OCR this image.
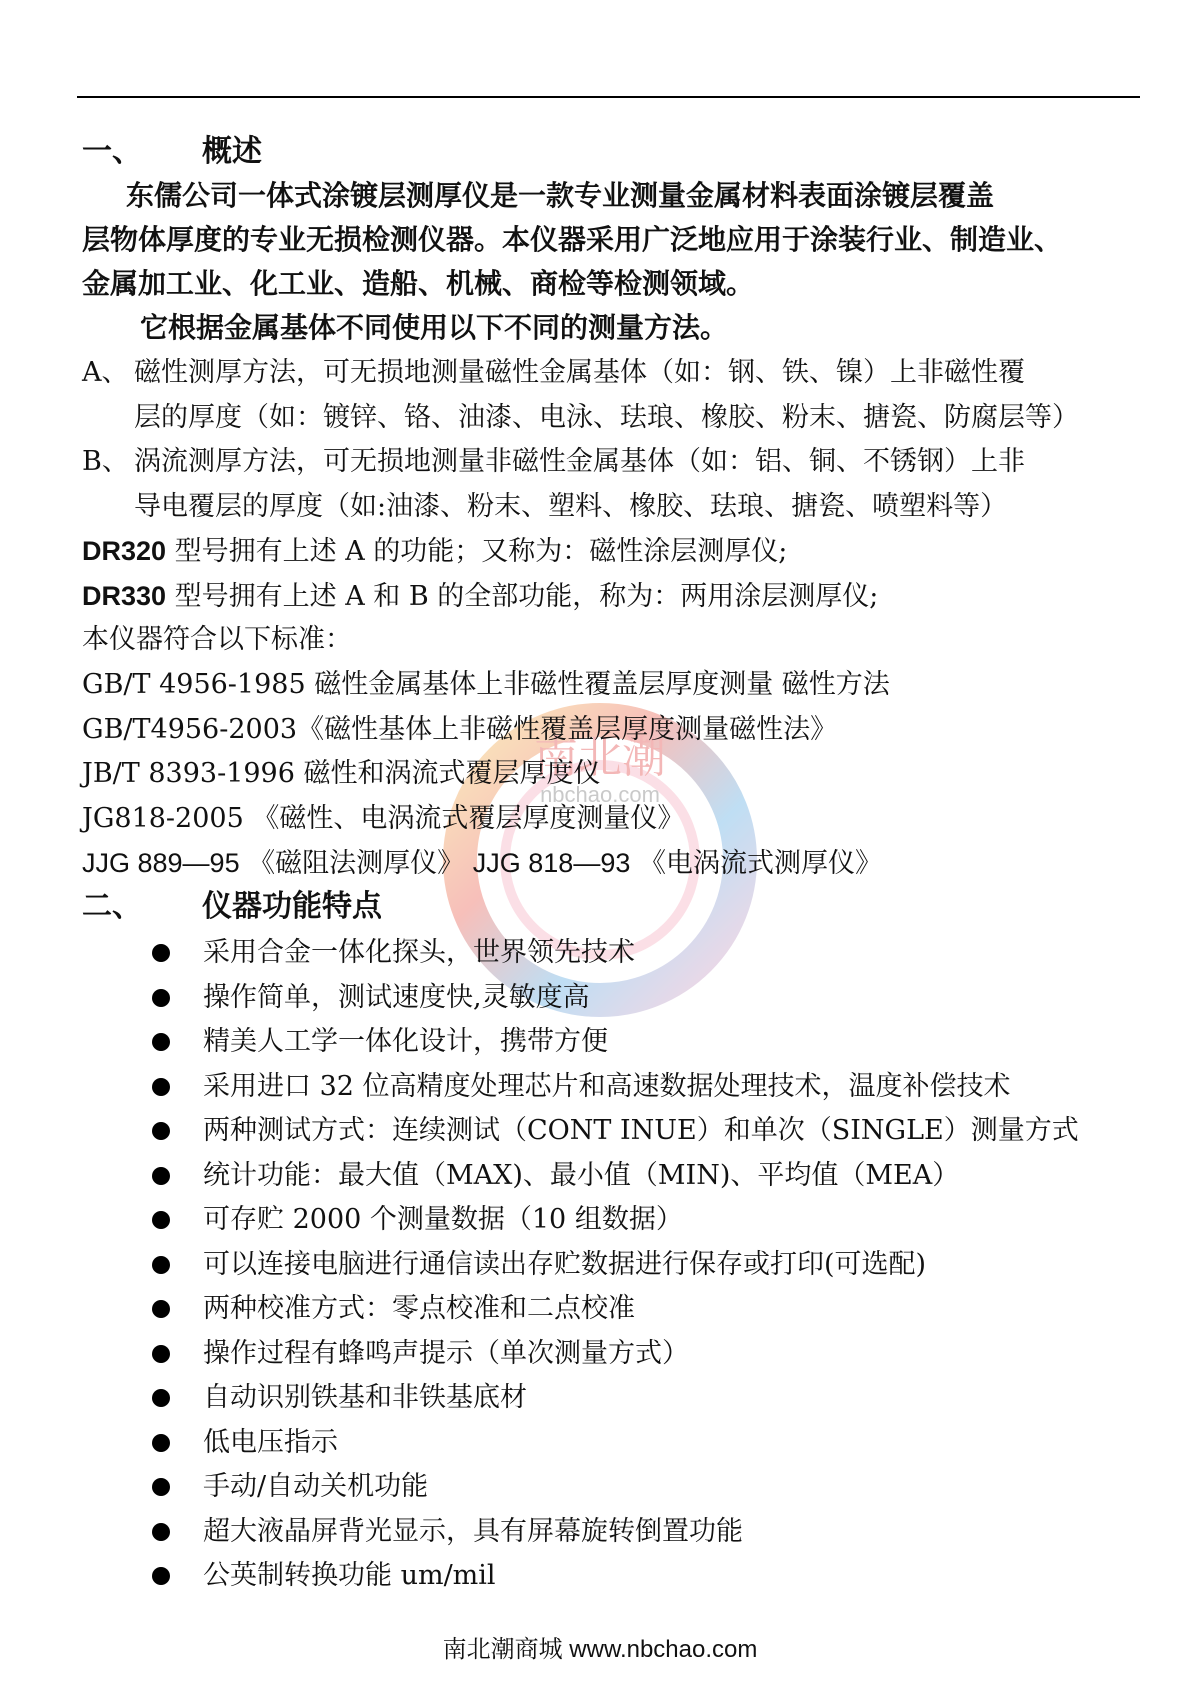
南北潮
nbchao.com
一、 概述
东儒公司一体式涂镀层测厚仪是一款专业测量金属材料表面涂镀层覆盖
层物体厚度的专业无损检测仪器。本仪器采用广泛地应用于涂装行业、制造业、
金属加工业、化工业、造船、机械、商检等检测领域。
它根据金属基体不同使用以下不同的测量方法。
A、 磁性测厚方法，可无损地测量磁性金属基体（如：钢、铁、镍）上非磁性覆
层的厚度（如：镀锌、铬、油漆、电泳、珐琅、橡胶、粉末、搪瓷、防腐层等）
B、 涡流测厚方法，可无损地测量非磁性金属基体（如：铝、铜、不锈钢）上非
导电覆层的厚度（如:油漆、粉末、塑料、橡胶、珐琅、搪瓷、喷塑料等）
DR320 型号拥有上述 A 的功能；又称为：磁性涂层测厚仪;
DR330 型号拥有上述 A 和 B 的全部功能，称为：两用涂层测厚仪;
本仪器符合以下标准：
GB/T 4956-1985 磁性金属基体上非磁性覆盖层厚度测量 磁性方法
GB/T4956-2003《磁性基体上非磁性覆盖层厚度测量磁性法》
JB/T 8393-1996 磁性和涡流式覆层厚度仪
JG818-2005 《磁性、电涡流式覆层厚度测量仪》
JJG 889—95 《磁阻法测厚仪》 JJG 818—93 《电涡流式测厚仪》
二、 仪器功能特点
采用合金一体化探头，世界领先技术
操作简单，测试速度快,灵敏度高
精美人工学一体化设计，携带方便
采用进口 32 位高精度处理芯片和高速数据处理技术，温度补偿技术
两种测试方式：连续测试（CONT INUE）和单次（SINGLE）测量方式
统计功能：最大值（MAX)、最小值（MIN)、平均值（MEA）
可存贮 2000 个测量数据（10 组数据）
可以连接电脑进行通信读出存贮数据进行保存或打印(可选配)
两种校准方式：零点校准和二点校准
操作过程有蜂鸣声提示（单次测量方式）
自动识别铁基和非铁基底材
低电压指示
手动/自动关机功能
超大液晶屏背光显示，具有屏幕旋转倒置功能
公英制转换功能 um/mil
南北潮商城 www.nbchao.com
